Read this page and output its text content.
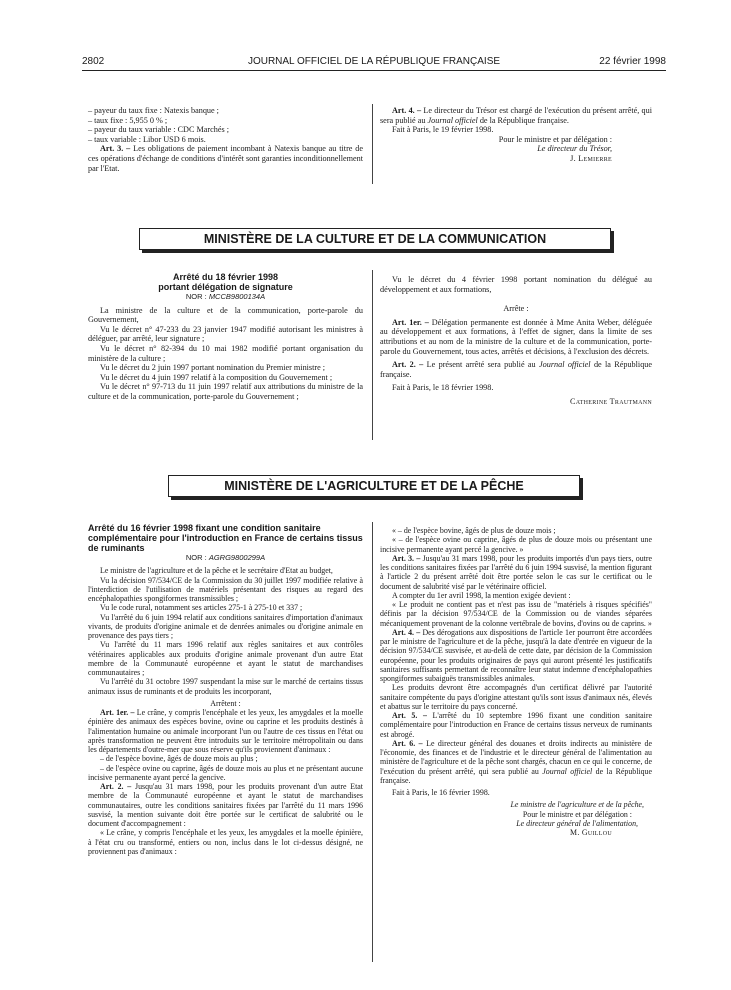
2802	JOURNAL OFFICIEL DE LA RÉPUBLIQUE FRANÇAISE	22 février 1998

– payeur du taux fixe : Natexis banque ;

– taux fixe : 5,955 0 % ;

– payeur du taux variable : CDC Marchés ;

– taux variable : Libor USD 6 mois.

Art. 3. – Les obligations de paiement incombant à Natexis banque au titre de ces opérations d'échange de conditions d'intérêt sont garanties inconditionnellement par l'Etat.

Art. 4. – Le directeur du Trésor est chargé de l'exécution du présent arrêté, qui sera publié au Journal officiel de la République française.

Fait à Paris, le 19 février 1998.

Pour le ministre et par délégation :

Le directeur du Trésor,

J. Lemierre

MINISTÈRE DE LA CULTURE ET DE LA COMMUNICATION

Arrêté du 18 février 1998

portant délégation de signature

NOR : MCCB9800134A

La ministre de la culture et de la communication, porte-parole du Gouvernement,

Vu le décret n° 47-233 du 23 janvier 1947 modifié autorisant les ministres à déléguer, par arrêté, leur signature ;

Vu le décret n° 82-394 du 10 mai 1982 modifié portant organisation du ministère de la culture ;

Vu le décret du 2 juin 1997 portant nomination du Premier ministre ;

Vu le décret du 4 juin 1997 relatif à la composition du Gouvernement ;

Vu le décret n° 97-713 du 11 juin 1997 relatif aux attributions du ministre de la culture et de la communication, porte-parole du Gouvernement ;

Vu le décret du 4 février 1998 portant nomination du délégué au développement et aux formations,

Arrête :

Art. 1er. – Délégation permanente est donnée à Mme Anita Weber, déléguée au développement et aux formations, à l'effet de signer, dans la limite de ses attributions et au nom de la ministre de la culture et de la communication, porte-parole du Gouvernement, tous actes, arrêtés et décisions, à l'exclusion des décrets.

Art. 2. – Le présent arrêté sera publié au Journal officiel de la République française.

Fait à Paris, le 18 février 1998.

Catherine Trautmann

MINISTÈRE DE L'AGRICULTURE ET DE LA PÊCHE

Arrêté du 16 février 1998 fixant une condition sanitaire complémentaire pour l'introduction en France de certains tissus de ruminants

NOR : AGRG9800299A

Le ministre de l'agriculture et de la pêche et le secrétaire d'Etat au budget,

Vu la décision 97/534/CE de la Commission du 30 juillet 1997 modifiée relative à l'interdiction de l'utilisation de matériels présentant des risques au regard des encéphalopathies spongiformes transmissibles ;

Vu le code rural, notamment ses articles 275-1 à 275-10 et 337 ;

Vu l'arrêté du 6 juin 1994 relatif aux conditions sanitaires d'importation d'animaux vivants, de produits d'origine animale et de denrées animales ou d'origine animale en provenance des pays tiers ;

Vu l'arrêté du 11 mars 1996 relatif aux règles sanitaires et aux contrôles vétérinaires applicables aux produits d'origine animale provenant d'un autre Etat membre de la Communauté européenne et ayant le statut de marchandises communautaires ;

Vu l'arrêté du 31 octobre 1997 suspendant la mise sur le marché de certains tissus animaux issus de ruminants et de produits les incorporant,

Arrêtent :

Art. 1er. – Le crâne, y compris l'encéphale et les yeux, les amygdales et la moelle épinière des animaux des espèces bovine, ovine ou caprine et les produits destinés à l'alimentation humaine ou animale incorporant l'un ou l'autre de ces tissus en l'état ou après transformation ne peuvent être introduits sur le territoire métropolitain ou dans les départements d'outre-mer que sous réserve qu'ils proviennent d'animaux :

– de l'espèce bovine, âgés de douze mois au plus ;

– de l'espèce ovine ou caprine, âgés de douze mois au plus et ne présentant aucune incisive permanente ayant percé la gencive.

Art. 2. – Jusqu'au 31 mars 1998, pour les produits provenant d'un autre Etat membre de la Communauté européenne et ayant le statut de marchandises communautaires, outre les conditions sanitaires fixées par l'arrêté du 11 mars 1996 susvisé, la mention suivante doit être portée sur le certificat de salubrité ou le document d'accompagnement :

« Le crâne, y compris l'encéphale et les yeux, les amygdales et la moelle épinière, à l'état cru ou transformé, entiers ou non, inclus dans le lot ci-dessus désigné, ne proviennent pas d'animaux :

« – de l'espèce bovine, âgés de plus de douze mois ;

« – de l'espèce ovine ou caprine, âgés de plus de douze mois ou présentant une incisive permanente ayant percé la gencive. »

Art. 3. – Jusqu'au 31 mars 1998, pour les produits importés d'un pays tiers, outre les conditions sanitaires fixées par l'arrêté du 6 juin 1994 susvisé, la mention figurant à l'article 2 du présent arrêté doit être portée selon le cas sur le certificat ou le document de salubrité visé par le vétérinaire officiel.

A compter du 1er avril 1998, la mention exigée devient :

« Le produit ne contient pas et n'est pas issu de "matériels à risques spécifiés" définis par la décision 97/534/CE de la Commission ou de viandes séparées mécaniquement provenant de la colonne vertébrale de bovins, d'ovins ou de caprins. »

Art. 4. – Des dérogations aux dispositions de l'article 1er pourront être accordées par le ministre de l'agriculture et de la pêche, jusqu'à la date d'entrée en vigueur de la décision 97/534/CE susvisée, et au-delà de cette date, par décision de la Commission européenne, pour les produits originaires de pays qui auront présenté les justificatifs sanitaires suffisants permettant de reconnaître leur statut indemne d'encéphalopathies spongiformes subaiguës transmissibles animales.

Les produits devront être accompagnés d'un certificat délivré par l'autorité sanitaire compétente du pays d'origine attestant qu'ils sont issus d'animaux nés, élevés et abattus sur le territoire du pays concerné.

Art. 5. – L'arrêté du 10 septembre 1996 fixant une condition sanitaire complémentaire pour l'introduction en France de certains tissus nerveux de ruminants est abrogé.

Art. 6. – Le directeur général des douanes et droits indirects au ministère de l'économie, des finances et de l'industrie et le directeur général de l'alimentation au ministère de l'agriculture et de la pêche sont chargés, chacun en ce qui le concerne, de l'exécution du présent arrêté, qui sera publié au Journal officiel de la République française.

Fait à Paris, le 16 février 1998.

Le ministre de l'agriculture et de la pêche,

Pour le ministre et par délégation :

Le directeur général de l'alimentation,

M. Guillou
